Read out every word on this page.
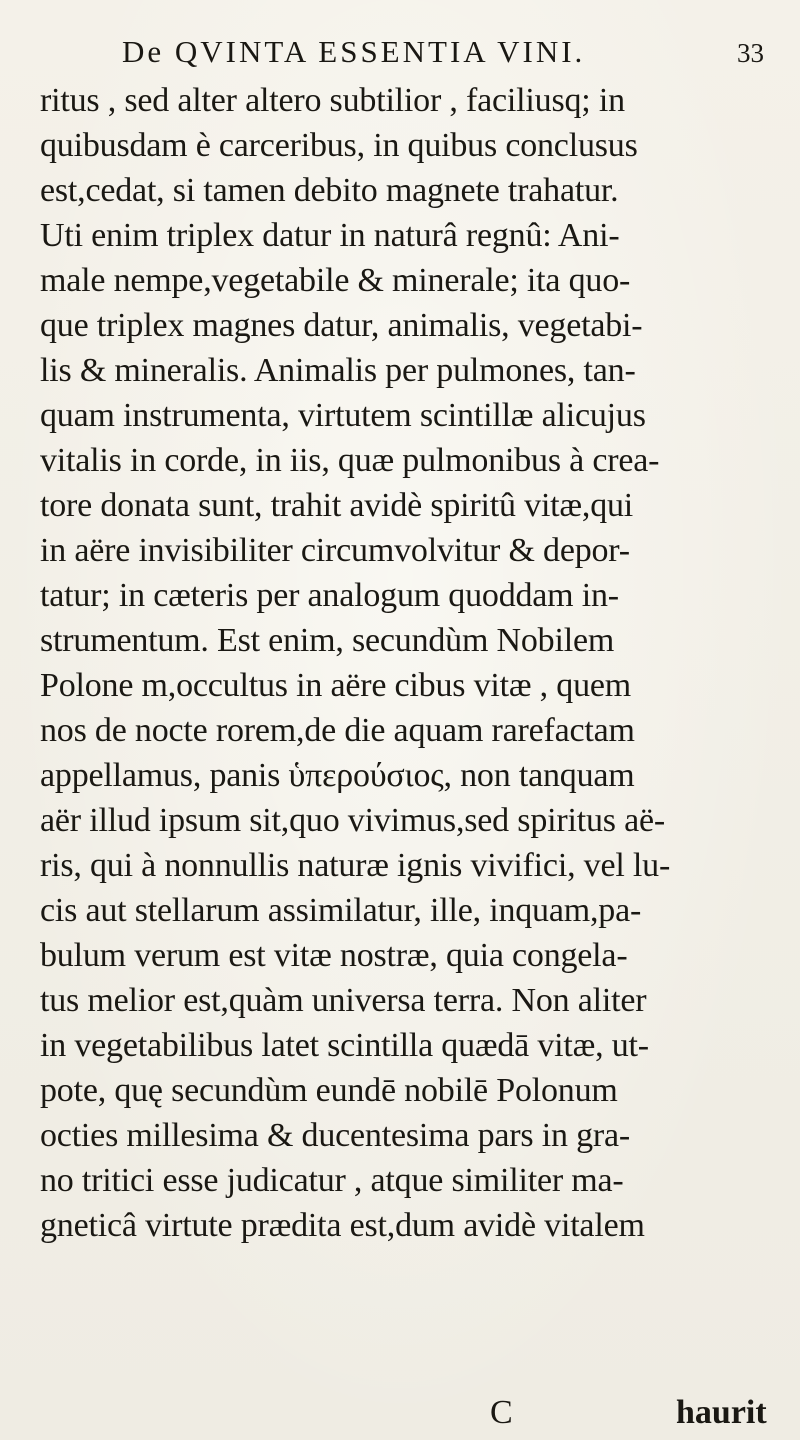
De QVINTA ESSENTIA VINI.	33
ritus , sed alter altero subtilior , faciliusq; in
quibusdam è carceribus, in quibus conclusus
est,cedat, si tamen debito magnete trahatur.
Uti enim triplex datur in naturâ regnû: Ani-
male nempe,vegetabile & minerale; ita quo-
que triplex magnes datur, animalis, vegetabi-
lis & mineralis. Animalis per pulmones, tan-
quam instrumenta, virtutem scintillæ alicujus
vitalis in corde, in iis, quæ pulmonibus à crea-
tore donata sunt, trahit avidè spiritû vitæ,qui
in aëre invisibiliter circumvolvitur & depor-
tatur; in cæteris per analogum quoddam in-
strumentum. Est enim, secundùm Nobilem
Polone m,occultus in aëre cibus vitæ , quem
nos de nocte rorem,de die aquam rarefactam
appellamus, panis ὑπερούσιος, non tanquam
aër illud ipsum sit,quo vivimus,sed spiritus aë-
ris, qui à nonnullis naturæ ignis vivifici, vel lu-
cis aut stellarum assimilatur, ille, inquam,pa-
bulum verum est vitæ nostræ, quia congela-
tus melior est,quàm universa terra. Non aliter
in vegetabilibus latet scintilla quædā vitæ, ut-
pote, quę secundùm eundē nobilē Polonum
octies millesima & ducentesima pars in gra-
no tritici esse judicatur , atque similiter ma-
gneticâ virtute prædita est,dum avidè vitalem
C	haurit
